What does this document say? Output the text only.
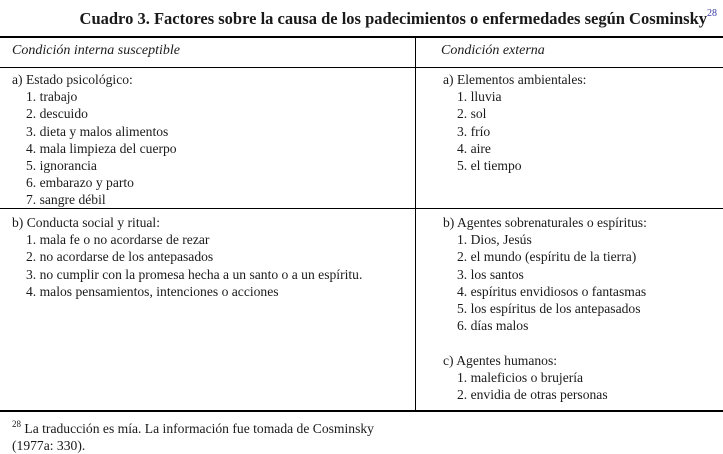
Cuadro 3. Factores sobre la causa de los padecimientos o enfermedades según Cosminsky$^{28}$
Condición interna susceptible	Condición externa
a) Estado psicológico:
1. trabajo
2. descuido
3. dieta y malos alimentos
4. mala limpieza del cuerpo
5. ignorancia
6. embarazo y parto
7. sangre débil
a) Elementos ambientales:
1. lluvia
2. sol
3. frío
4. aire
5. el tiempo
b) Conducta social y ritual:
1. mala fe o no acordarse de rezar
2. no acordarse de los antepasados
3. no cumplir con la promesa hecha a un santo o a un espíritu.
4. malos pensamientos, intenciones o acciones
b) Agentes sobrenaturales o espíritus:
1. Dios, Jesús
2. el mundo (espíritu de la tierra)
3. los santos
4. espíritus envidiosos o fantasmas
5. los espíritus de los antepasados
6. días malos
c) Agentes humanos:
1. maleficios o brujería
2. envidia de otras personas
$^{28}$ La traducción es mía. La información fue tomada de Cosminsky
(1977a: 330).
